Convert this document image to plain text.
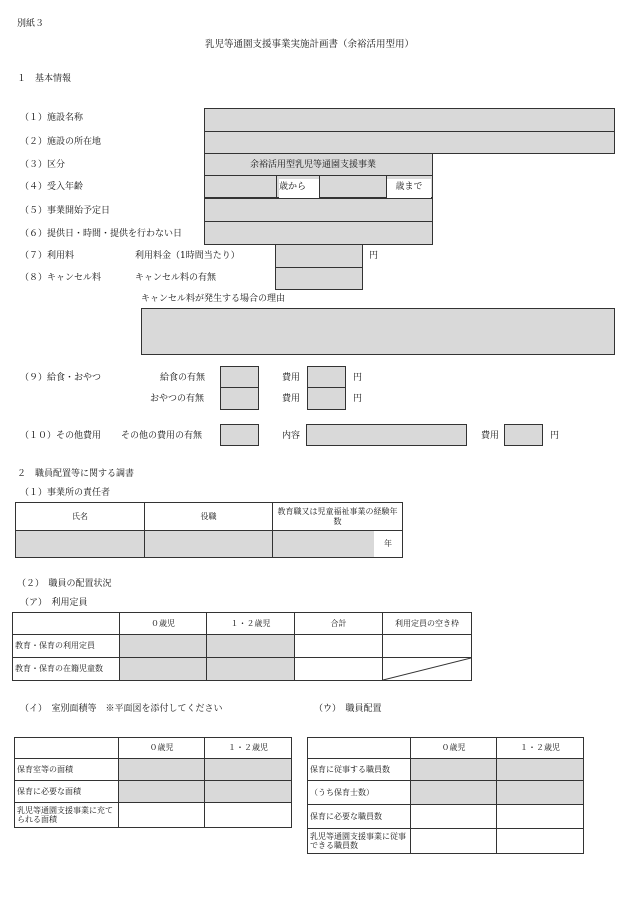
別紙３
乳児等通園支援事業実施計画書（余裕活用型用）
１　基本情報
（１）施設名称
（２）施設の所在地
（３）区分	余裕活用型乳児等通園支援事業
（４）受入年齢	歳から	歳まで
（５）事業開始予定日
（６）提供日・時間・提供を行わない日
（７）利用料	利用料金（1時間当たり）	円
（８）キャンセル料	キャンセル料の有無
キャンセル料が発生する場合の理由
（９）給食・おやつ	給食の有無	費用	円
おやつの有無	費用	円
（１０）その他費用 その他の費用の有無	内容	費用	円
２　職員配置等に関する調書
（１）事業所の責任者
氏名	役職	教育職又は児童福祉事業の経験年数

		年
（２）　職員の配置状況
（ア）　利用定員
	０歳児	１・２歳児	合計	利用定員の空き枠
教育・保育の利用定員				
教育・保育の在籍児童数				
（イ）　室別面積等　※平面図を添付してください	（ウ）　職員配置
	０歳児	１・２歳児
保育室等の面積		
保育に必要な面積		
乳児等通園支援事業に充てられる面積		
	０歳児	１・２歳児
保育に従事する職員数		
（うち保育士数）		
保育に必要な職員数		
乳児等通園支援事業に従事できる職員数		
